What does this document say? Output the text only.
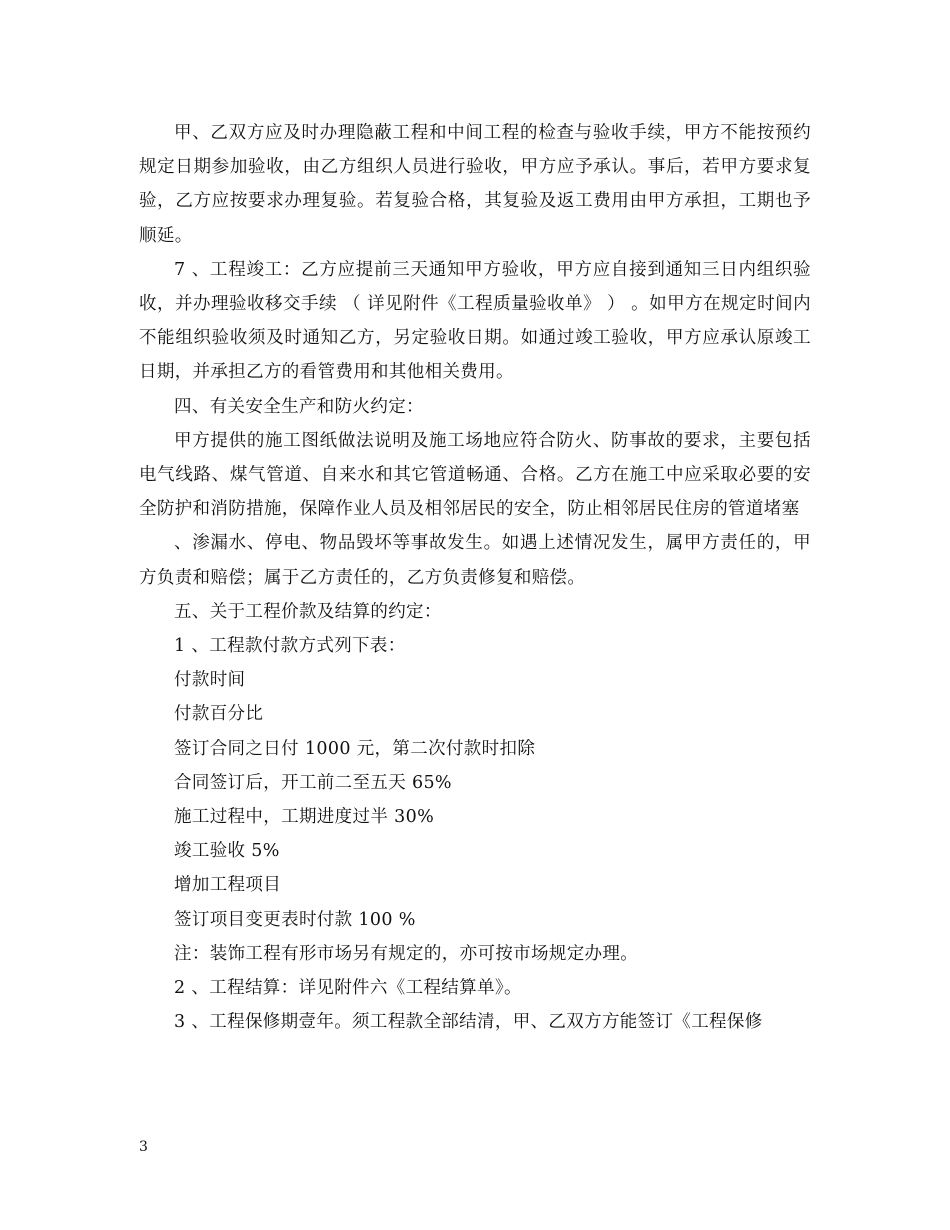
甲、乙双方应及时办理隐蔽工程和中间工程的检查与验收手续，甲方不能按预约规定日期参加验收，由乙方组织人员进行验收，甲方应予承认。事后，若甲方要求复验，乙方应按要求办理复验。若复验合格，其复验及返工费用由甲方承担，工期也予顺延。

7 、工程竣工：乙方应提前三天通知甲方验收，甲方应自接到通知三日内组织验收，并办理验收移交手续 （ 详见附件《工程质量验收单》 ） 。如甲方在规定时间内不能组织验收须及时通知乙方，另定验收日期。如通过竣工验收，甲方应承认原竣工日期，并承担乙方的看管费用和其他相关费用。

四、有关安全生产和防火约定：

甲方提供的施工图纸做法说明及施工场地应符合防火、防事故的要求，主要包括电气线路、煤气管道、自来水和其它管道畅通、合格。乙方在施工中应采取必要的安全防护和消防措施，保障作业人员及相邻居民的安全，防止相邻居民住房的管道堵塞

、渗漏水、停电、物品毁坏等事故发生。如遇上述情况发生，属甲方责任的，甲方负责和赔偿；属于乙方责任的，乙方负责修复和赔偿。

五、关于工程价款及结算的约定：

1 、工程款付款方式列下表：

付款时间

付款百分比

签订合同之日付 1000 元，第二次付款时扣除

合同签订后，开工前二至五天 65%

施工过程中，工期进度过半 30%

竣工验收 5%

增加工程项目

签订项目变更表时付款 100 %

注：装饰工程有形市场另有规定的，亦可按市场规定办理。

2 、工程结算：详见附件六《工程结算单》。

3 、工程保修期壹年。须工程款全部结清，甲、乙双方方能签订《工程保修

3
